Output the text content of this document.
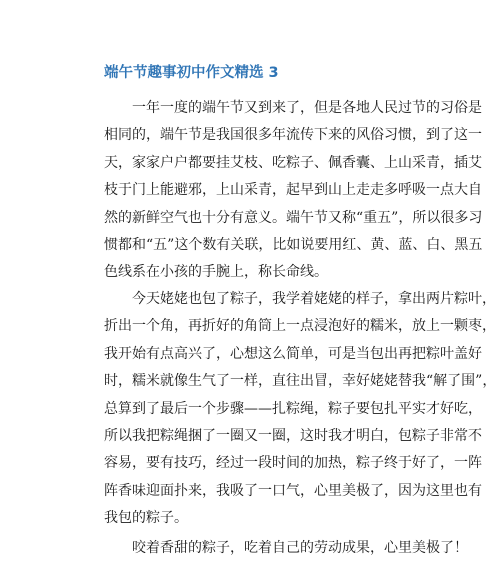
端午节趣事初中作文精选 3

　　一年一度的端午节又到来了，但是各地人民过节的习俗是
相同的，端午节是我国很多年流传下来的风俗习惯，到了这一
天，家家户户都要挂艾枝、吃粽子、佩香囊、上山采青，插艾
枝于门上能避邪，上山采青，起早到山上走走多呼吸一点大自
然的新鲜空气也十分有意义。端午节又称“重五”，所以很多习
惯都和“五”这个数有关联，比如说要用红、黄、蓝、白、黑五
色线系在小孩的手腕上，称长命线。

　　今天姥姥也包了粽子，我学着姥姥的样子，拿出两片粽叶，
折出一个角，再折好的角筒上一点浸泡好的糯米，放上一颗枣，
我开始有点高兴了，心想这么简单，可是当包出再把粽叶盖好
时，糯米就像生气了一样，直往出冒，幸好姥姥替我“解了围”，
总算到了最后一个步骤——扎粽绳，粽子要包扎平实才好吃，
所以我把粽绳捆了一圈又一圈，这时我才明白，包粽子非常不
容易，要有技巧，经过一段时间的加热，粽子终于好了，一阵
阵香味迎面扑来，我吸了一口气，心里美极了，因为这里也有
我包的粽子。

　　咬着香甜的粽子，吃着自己的劳动成果，心里美极了！
